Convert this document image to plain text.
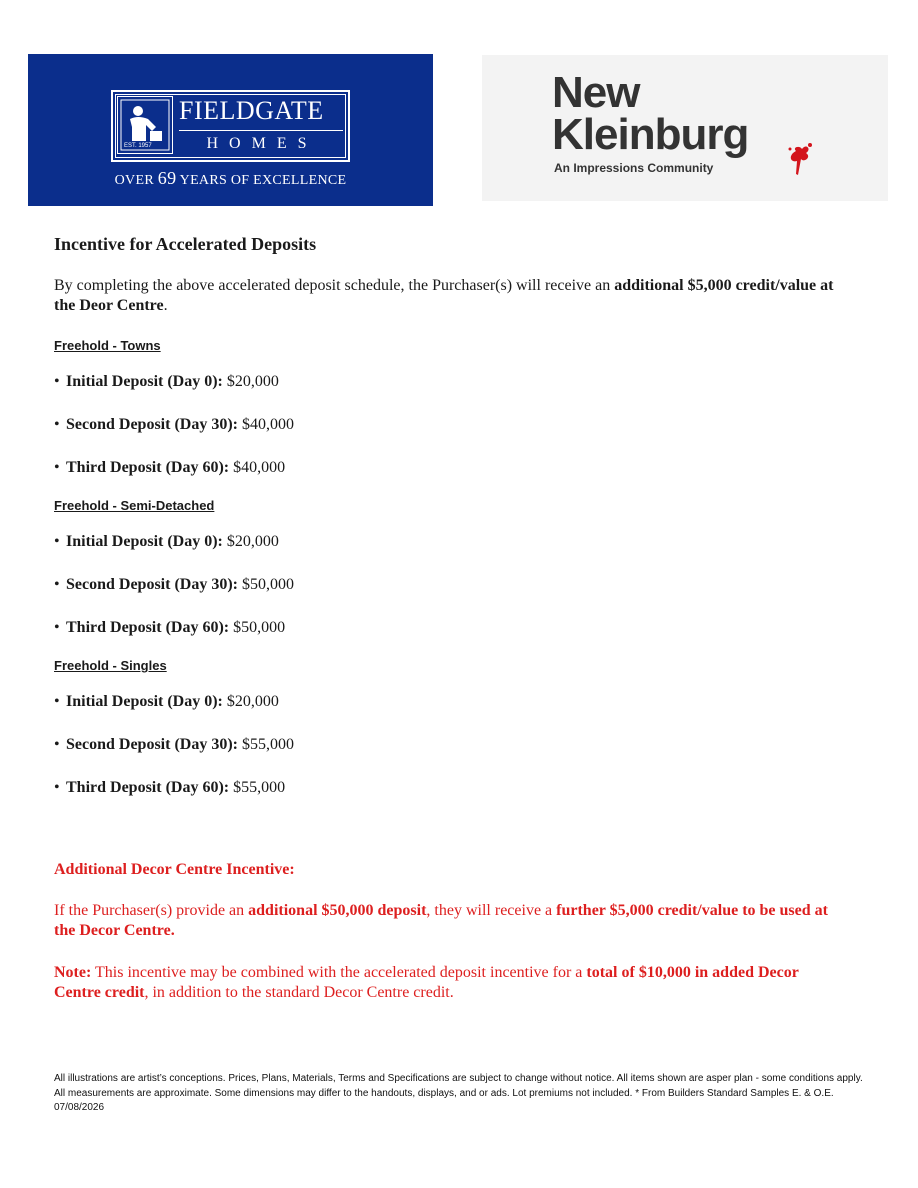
EST. 1957
FIELDGATE
HOMES
OVER 69 YEARS OF EXCELLENCE
New
Kleinburg
An Impressions Community
Incentive for Accelerated Deposits

By completing the above accelerated deposit schedule, the Purchaser(s) will receive an additional $5,000 credit/value at the Deor Centre.

Freehold - Towns

• Initial Deposit (Day 0): $20,000

• Second Deposit (Day 30): $40,000

• Third Deposit (Day 60): $40,000

Freehold - Semi-Detached

• Initial Deposit (Day 0): $20,000

• Second Deposit (Day 30): $50,000

• Third Deposit (Day 60): $50,000

Freehold - Singles

• Initial Deposit (Day 0): $20,000

• Second Deposit (Day 30): $55,000

• Third Deposit (Day 60): $55,000

Additional Decor Centre Incentive:

If the Purchaser(s) provide an additional $50,000 deposit, they will receive a further $5,000 credit/value to be used at the Decor Centre.

Note: This incentive may be combined with the accelerated deposit incentive for a total of $10,000 in added Decor Centre credit, in addition to the standard Decor Centre credit.

All illustrations are artist’s conceptions. Prices, Plans, Materials, Terms and Specifications are subject to change without notice. All items shown are asper plan - some conditions apply. All measurements are approximate. Some dimensions may differ to the handouts, displays, and or ads. Lot premiums not included. * From Builders Standard Samples E. & O.E. 07/08/2026
